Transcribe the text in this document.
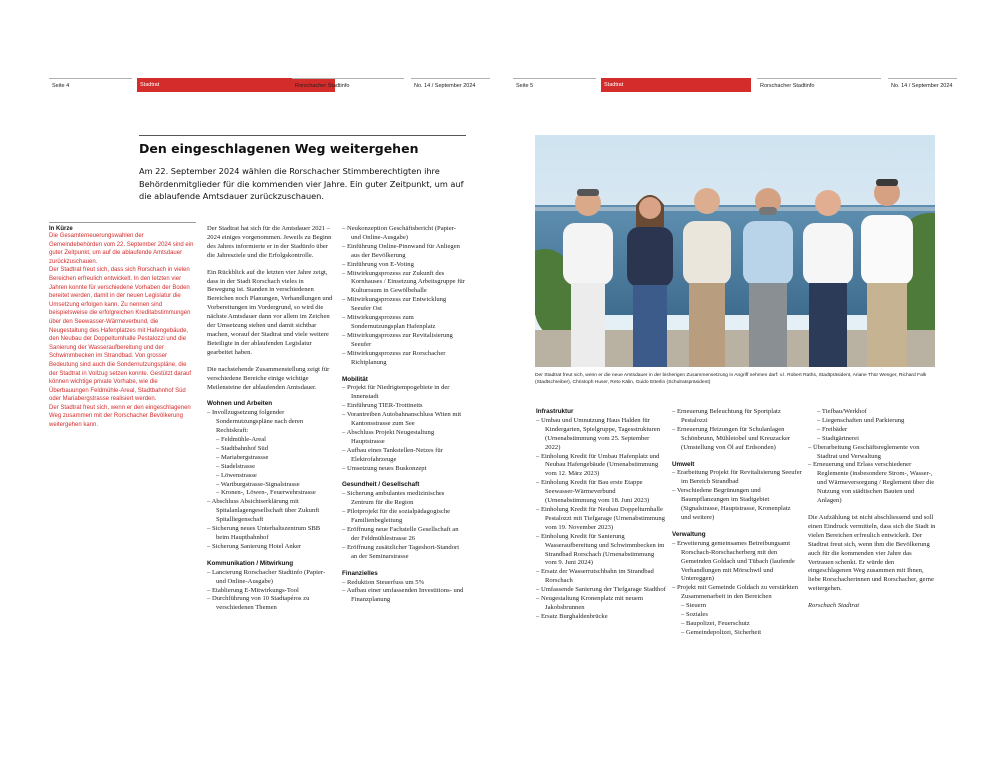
Seite 4	Stadtrat	Rorschacher Stadtinfo	No. 14 / September 2024	Seite 5	Stadtrat	Rorschacher Stadtinfo	No. 14 / September 2024
Den eingeschlagenen Weg weitergehen

Am 22. September 2024 wählen die Rorschacher Stimmberechtigten ihre Behördenmitglieder für die kommenden vier Jahre. Ein guter Zeitpunkt, um auf die ablaufende Amtsdauer zurückzuschauen.

In Kürze

Die Gesamterneuerungswahlen der Gemeindebehörden vom 22. September 2024 sind ein guter Zeitpunkt, um auf die ablaufende Amtsdauer zurückzuschauen.

Der Stadtrat freut sich, dass sich Rorschach in vielen Bereichen erfreulich entwickelt. In den letzten vier Jahren konnte für verschiedene Vorhaben der Boden bereitet werden, damit in der neuen Legislatur die Umsetzung erfolgen kann. Zu nennen sind beispielsweise die erfolgreichen Kreditabstimmungen über den Seewasser-Wärmeverbund, die Neugestaltung des Hafenplatzes mit Hafengebäude, den Neubau der Doppelturnhalle Pestalozzi und die Sanierung der Wasseraufbereitung und der Schwimmbecken im Strandbad. Von grosser Bedeutung sind auch die Sondernutzungspläne, die der Stadtrat in Vollzug setzen konnte. Gestützt darauf können wichtige private Vorhabe, wie die Überbauungen Feldmühle-Areal, Stadtbahnhof Süd oder Mariabergstrasse realisiert werden.

Der Stadtrat freut sich, wenn er den eingeschlagenen Weg zusammen mit der Rorschacher Bevölkerung weitergehen kann.

Der Stadtrat hat sich für die Amtsdauer 2021 – 2024 einiges vorgenommen. Jeweils zu Beginn des Jahres informierte er in der Stadtinfo über die Jahresziele und die Erfolgskontrolle.

Ein Rückblick auf die letzten vier Jahre zeigt, dass in der Stadt Rorschach vieles in Bewegung ist. Standen in verschiedenen Bereichen noch Planungen, Verhandlungen und Vorbereitungen im Vordergrund, so wird die nächste Amtsdauer dann vor allem im Zeichen der Umsetzung stehen und damit sichtbar machen, worauf der Stadtrat und viele weitere Beteiligte in der ablaufenden Legislatur gearbeitet haben.

Die nachstehende Zusammenstellung zeigt für verschiedene Bereiche einige wichtige Meilensteine der ablaufenden Amtsdauer.

Wohnen und Arbeiten
– Invollzugsetzung folgender Sondernutzungspläne nach deren Rechtskraft:
– Feldmühle-Areal
– Stadtbahnhof Süd
– Mariabergstrassse
– Stadelstrasse
– Löwenstrasse
– Wartburgstrasse-Signalstrasse
– Kronen-, Löwen-, Feuerwehrstrasse
– Abschluss Absichtserklärung mit Spitalanlagengesellschaft über Zukunft Spitalliegenschaft
– Sicherung neues Unterhaltszentrum SBB beim Hauptbahnhof
– Sicherung Sanierung Hotel Anker
Kommunikation / Mitwirkung
– Lancierung Rorschacher Stadtinfo (Papier- und Online-Ausgabe)
– Etablierung E-Mitwirkungs-Tool
– Durchführung von 10 Stadtapéros zu verschiedenen Themen
– Neukonzeption Geschäftsbericht (Papier- und Online-Ausgabe)
– Einführung Online-Pinnwand für Anliegen aus der Bevölkerung
– Einführung von E-Voting
– Mitwirkungsprozess zur Zukunft des Kornhauses / Einsetzung Arbeitsgruppe für Kulturraum in Gewölbehalle
– Mitwirkungsprozess zur Entwicklung Seeufer Ost
– Mitwirkungsprozess zum Sondernutzungsplan Hafenplatz
– Mitwirkungsprozess zur Revitalisierung Seeufer
– Mitwirkungsprozess zur Rorschacher Richtplanung
Mobilität
– Projekt für Niedrigtempogebiete in der Innenstadt
– Einführung TIER-Trottinetts
– Vorantreiben Autobahnanschluss Witen mit Kantonsstrasse zum See
– Abschluss Projekt Neugestaltung Hauptstrasse
– Aufbau eines Tankstellen-Netzes für Elektrofahrzeuge
– Umsetzung neues Buskonzept
Gesundheit / Gesellschaft
– Sicherung ambulantes medizinisches Zentrum für die Region
– Pilotprojekt für die sozialpädagogische Familienbegleitung
– Eröffnung neue Fachstelle Gesellschaft an der Feldmühlestrasse 26
– Eröffnung zusätzlicher Tageshort-Standort an der Seminarstrasse
Finanzielles
– Reduktion Steuerfuss um 5%
– Aufbau einer umfassenden Investitions- und Finanzplanung

Der Stadtrat freut sich, wenn er die neue Amtsdauer in der bisherigen Zusammensetzung in Angriff nehmen darf: v.l. Robert Raths, Stadtpräsident, Ariane Thür Wenger, Richard Falk (Stadtschreiber), Christoph Huser, Reto Kälin, Guido Etterlin (Schulratspräsident)

Infrastruktur
– Umbau und Umnutzung Haus Halden für Kindergarten, Spielgruppe, Tagesstrukturen (Urnenabstimmung vom 25. September 2022)
– Einholung Kredit für Umbau Hafenplatz und Neubau Hafengebäude (Urnenabstimmung vom 12. März 2023)
– Einholung Kredit für Bau erste Etappe Seewasser-Wärmeverbund (Urnenabstimmung vom 18. Juni 2023)
– Einholung Kredit für Neubau Doppelturnhalle Pestalozzi mit Tiefgarage (Urnenabstimmung vom 19. November 2023)
– Einholung Kredit für Sanierung Wasseraufbereitung und Schwimmbecken im Strandbad Rorschach (Urnenabstimmung vom 9. Juni 2024)
– Ersatz der Wasserrutschbahn im Strandbad Rorschach
– Umfassende Sanierung der Tiefgarage Stadthof
– Neugestaltung Kronenplatz mit neuem Jakobsbrunnen
– Ersatz Burghaldenbrücke
– Erneuerung Beleuchtung für Sportplatz Pestalozzi
– Erneuerung Heizungen für Schulanlagen Schönbrunn, Mühletobel und Kreuzacker (Umstellung von Öl auf Erdsonden)
Umwelt
– Erarbeitung Projekt für Revitalisierung Seeufer im Bereich Strandbad
– Verschiedene Begrünungen und Baumpflanzungen im Stadtgebiet (Signalstrasse, Hauptstrasse, Kronenplatz und weitere)
Verwaltung
– Erweiterung gemeinsames Betreibungsamt Rorschach-Rorschacherberg mit den Gemeinden Goldach und Tübach (laufende Verhandlungen mit Mörschwil und Untereggen)
– Projekt mit Gemeinde Goldach zu verstärkten Zusammenarbeit in den Bereichen
– Steuern
– Soziales
– Baupolizei, Feuerschutz
– Gemeindepolizei, Sicherheit
– Tiefbau/Werkhof
– Liegenschaften und Parkierung
– Freibäder
– Stadtgärtnerei
– Überarbeitung Geschäftsreglemente von Stadtrat und Verwaltung
– Erneuerung und Erlass verschiedener Reglemente (insbesondere Strom-, Wasser-, und Wärmeversorgung / Reglement über die Nutzung von städtischen Bauten und Anlagen)

Die Aufzählung ist nicht abschliessend und soll einen Eindruck vermitteln, dass sich die Stadt in vielen Bereichen erfreulich entwickelt. Der Stadtrat freut sich, wenn ihm die Bevölkerung auch für die kommenden vier Jahre das Vertrauen schenkt. Er würde den eingeschlagenen Weg zusammen mit Ihnen, liebe Rorschacherinnen und Rorschacher, gerne weitergehen.

Rorschach Stadtrat
